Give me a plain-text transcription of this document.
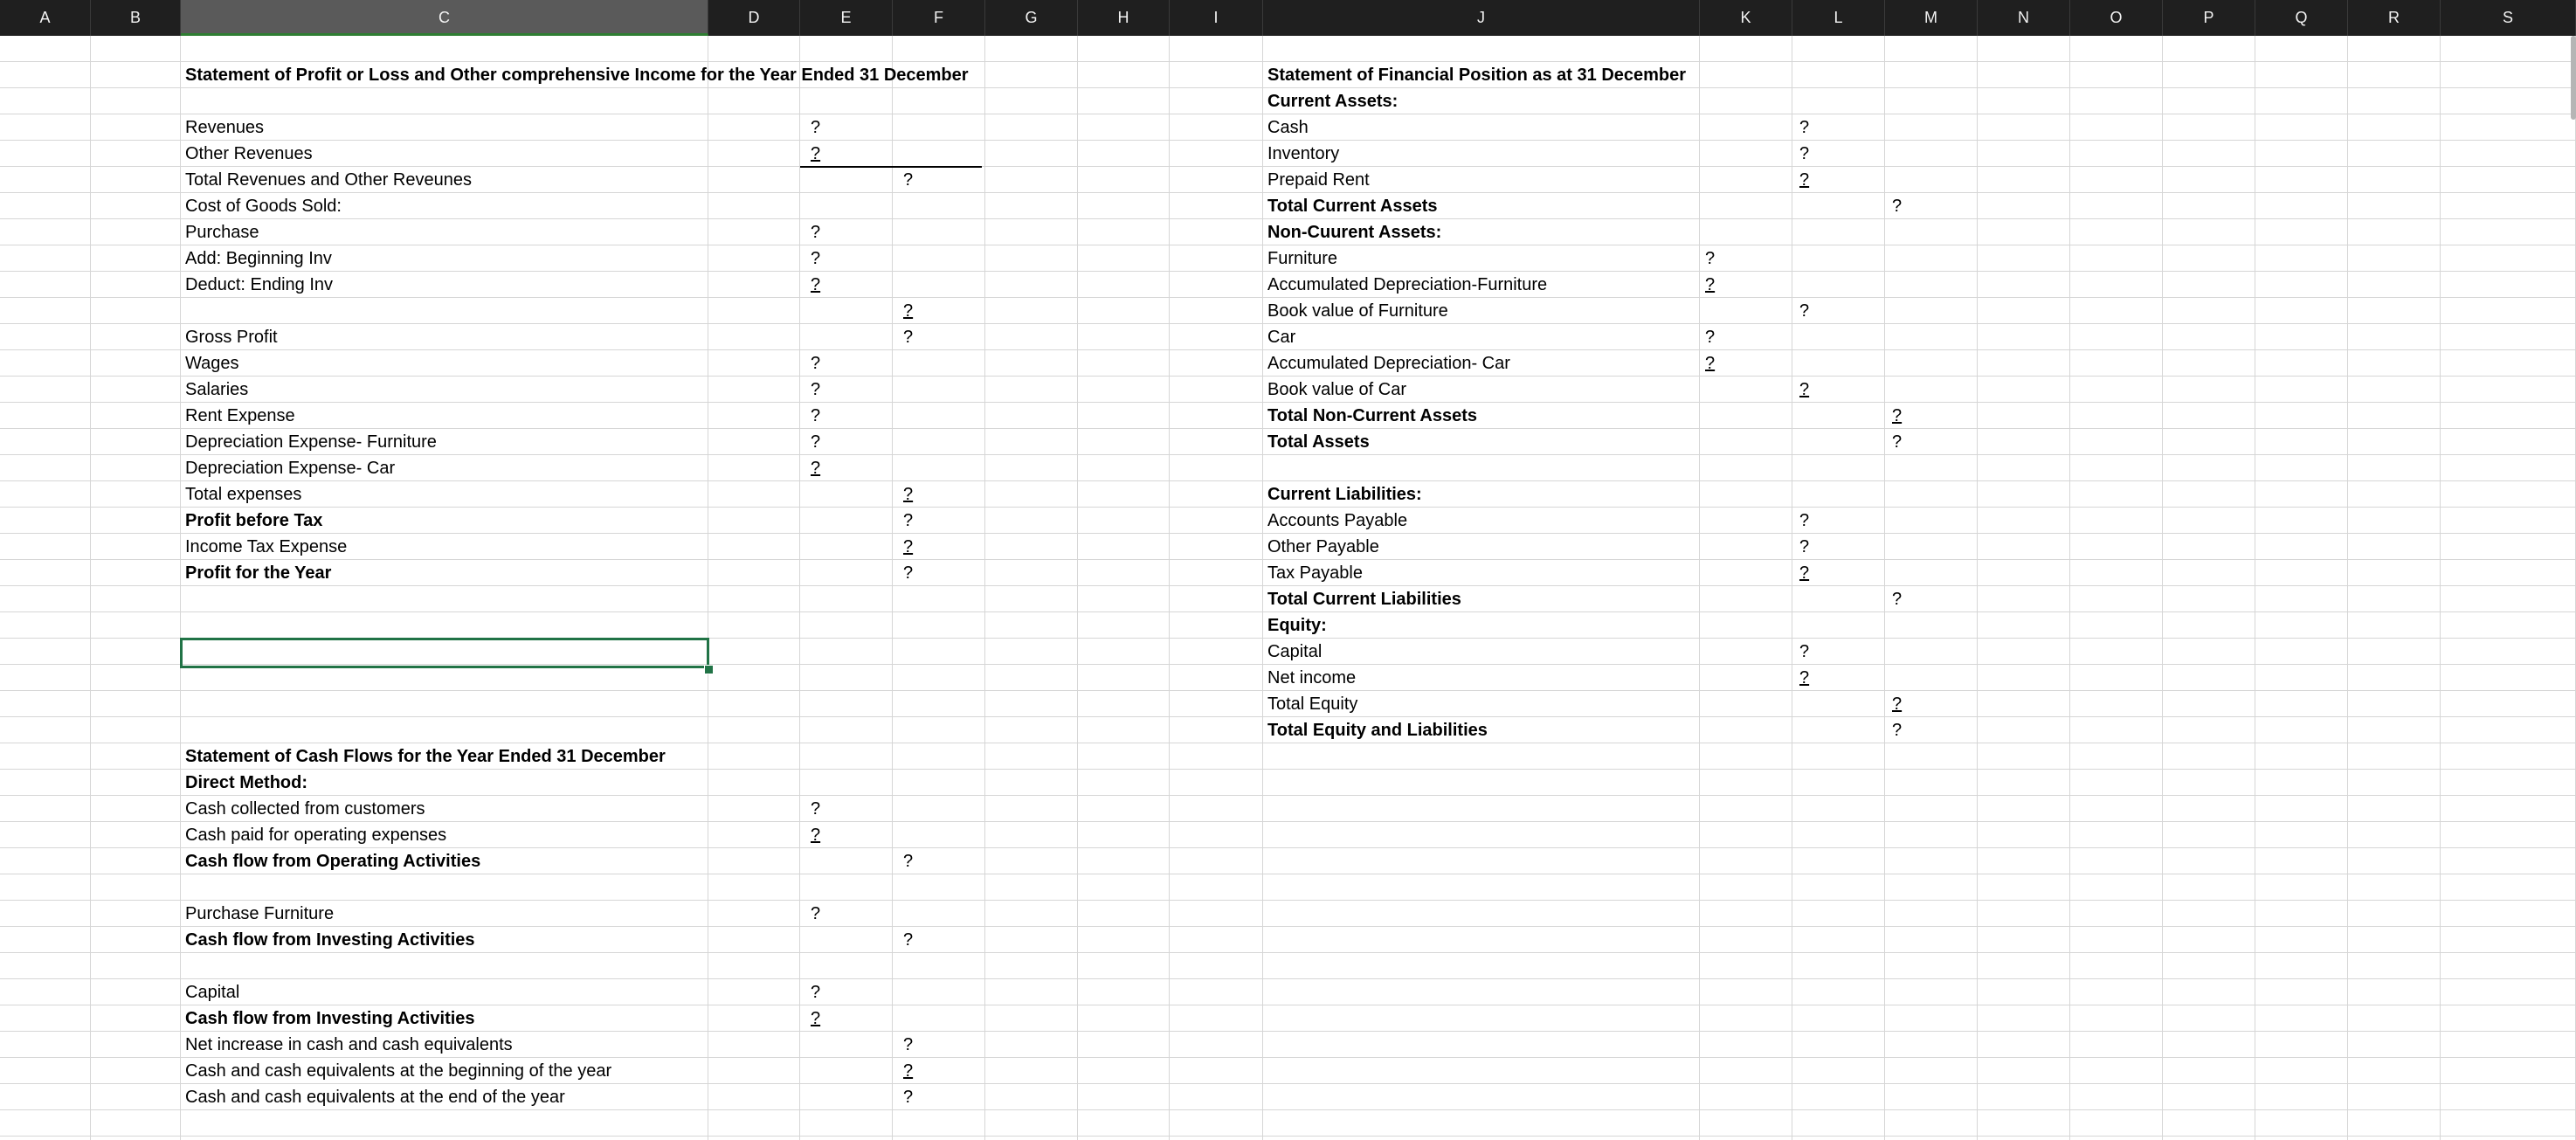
A	B	C	D	E	F	G	H	I	J	K	L	M	N	O	P	Q	R	S
Statement of Profit or Loss and Other comprehensive Income for the Year Ended 31 December
Revenues	?
Other Revenues	?
Total Revenues and Other Reveunes	?
Cost of Goods Sold:
Purchase	?
Add: Beginning Inv	?
Deduct: Ending Inv	?
?
Gross Profit	?
Wages	?
Salaries	?
Rent Expense	?
Depreciation Expense- Furniture	?
Depreciation Expense- Car	?
Total expenses	?
Profit before Tax	?
Income Tax Expense	?
Profit for the Year	?
Statement of Cash Flows for the Year Ended 31 December
Direct Method:
Cash collected from customers	?
Cash paid for operating expenses	?
Cash flow from Operating Activities	?
Purchase Furniture	?
Cash flow from Investing Activities	?
Capital	?
Cash flow from Investing Activities	?
Net increase in cash and cash equivalents	?
Cash and cash equivalents at the beginning of the year	?
Cash and cash equivalents at the end of the year	?
Statement of Financial Position as at 31 December
Current Assets:
Cash	?
Inventory	?
Prepaid Rent	?
Total Current Assets	?
Non-Cuurent Assets:
Furniture	?
Accumulated Depreciation-Furniture	?
Book value of Furniture	?
Car	?
Accumulated Depreciation- Car	?
Book value of Car	?
Total Non-Current Assets	?
Total Assets	?
Current Liabilities:
Accounts Payable	?
Other Payable	?
Tax Payable	?
Total Current Liabilities	?
Equity:
Capital	?
Net income	?
Total Equity	?
Total Equity and Liabilities	?
